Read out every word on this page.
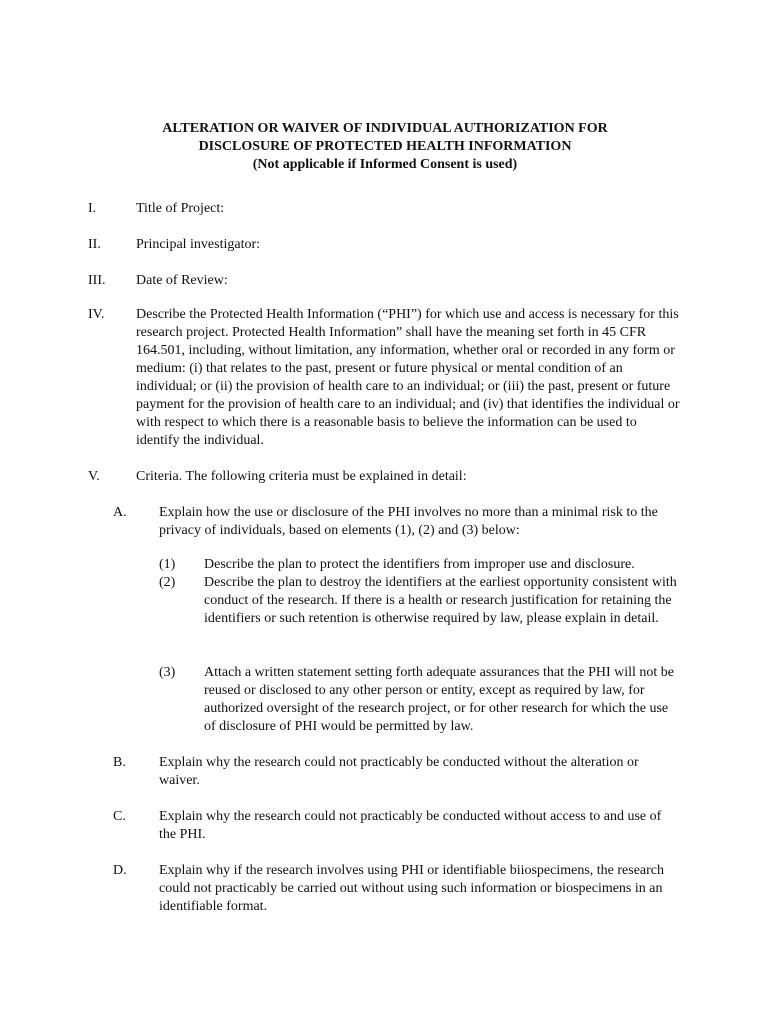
ALTERATION OR WAIVER OF INDIVIDUAL AUTHORIZATION FOR
DISCLOSURE OF PROTECTED HEALTH INFORMATION
(Not applicable if Informed Consent is used)
I.	Title of Project:
II.	Principal investigator:
III. Date of Review:
IV. Describe the Protected Health Information (“PHI”) for which use and access is necessary for this research project. Protected Health Information” shall have the meaning set forth in 45 CFR 164.501, including, without limitation, any information, whether oral or recorded in any form or medium: (i) that relates to the past, present or future physical or mental condition of an individual; or (ii) the provision of health care to an individual; or (iii) the past, present or future payment for the provision of health care to an individual; and (iv) that identifies the individual or with respect to which there is a reasonable basis to believe the information can be used to identify the individual.

V.	Criteria. The following criteria must be explained in detail:
A. Explain how the use or disclosure of the PHI involves no more than a minimal risk to the privacy of individuals, based on elements (1), (2) and (3) below:

(1) Describe the plan to protect the identifiers from improper use and disclosure.

(2) Describe the plan to destroy the identifiers at the earliest opportunity consistent with conduct of the research. If there is a health or research justification for retaining the identifiers or such retention is otherwise required by law, please explain in detail.

(3) Attach a written statement setting forth adequate assurances that the PHI will not be reused or disclosed to any other person or entity, except as required by law, for authorized oversight of the research project, or for other research for which the use of disclosure of PHI would be permitted by law.

B. Explain why the research could not practicably be conducted without the alteration or waiver.

C. Explain why the research could not practicably be conducted without access to and use of the PHI.

D. Explain why if the research involves using PHI or identifiable biiospecimens, the research could not practicably be carried out without using such information or biospecimens in an identifiable format.
